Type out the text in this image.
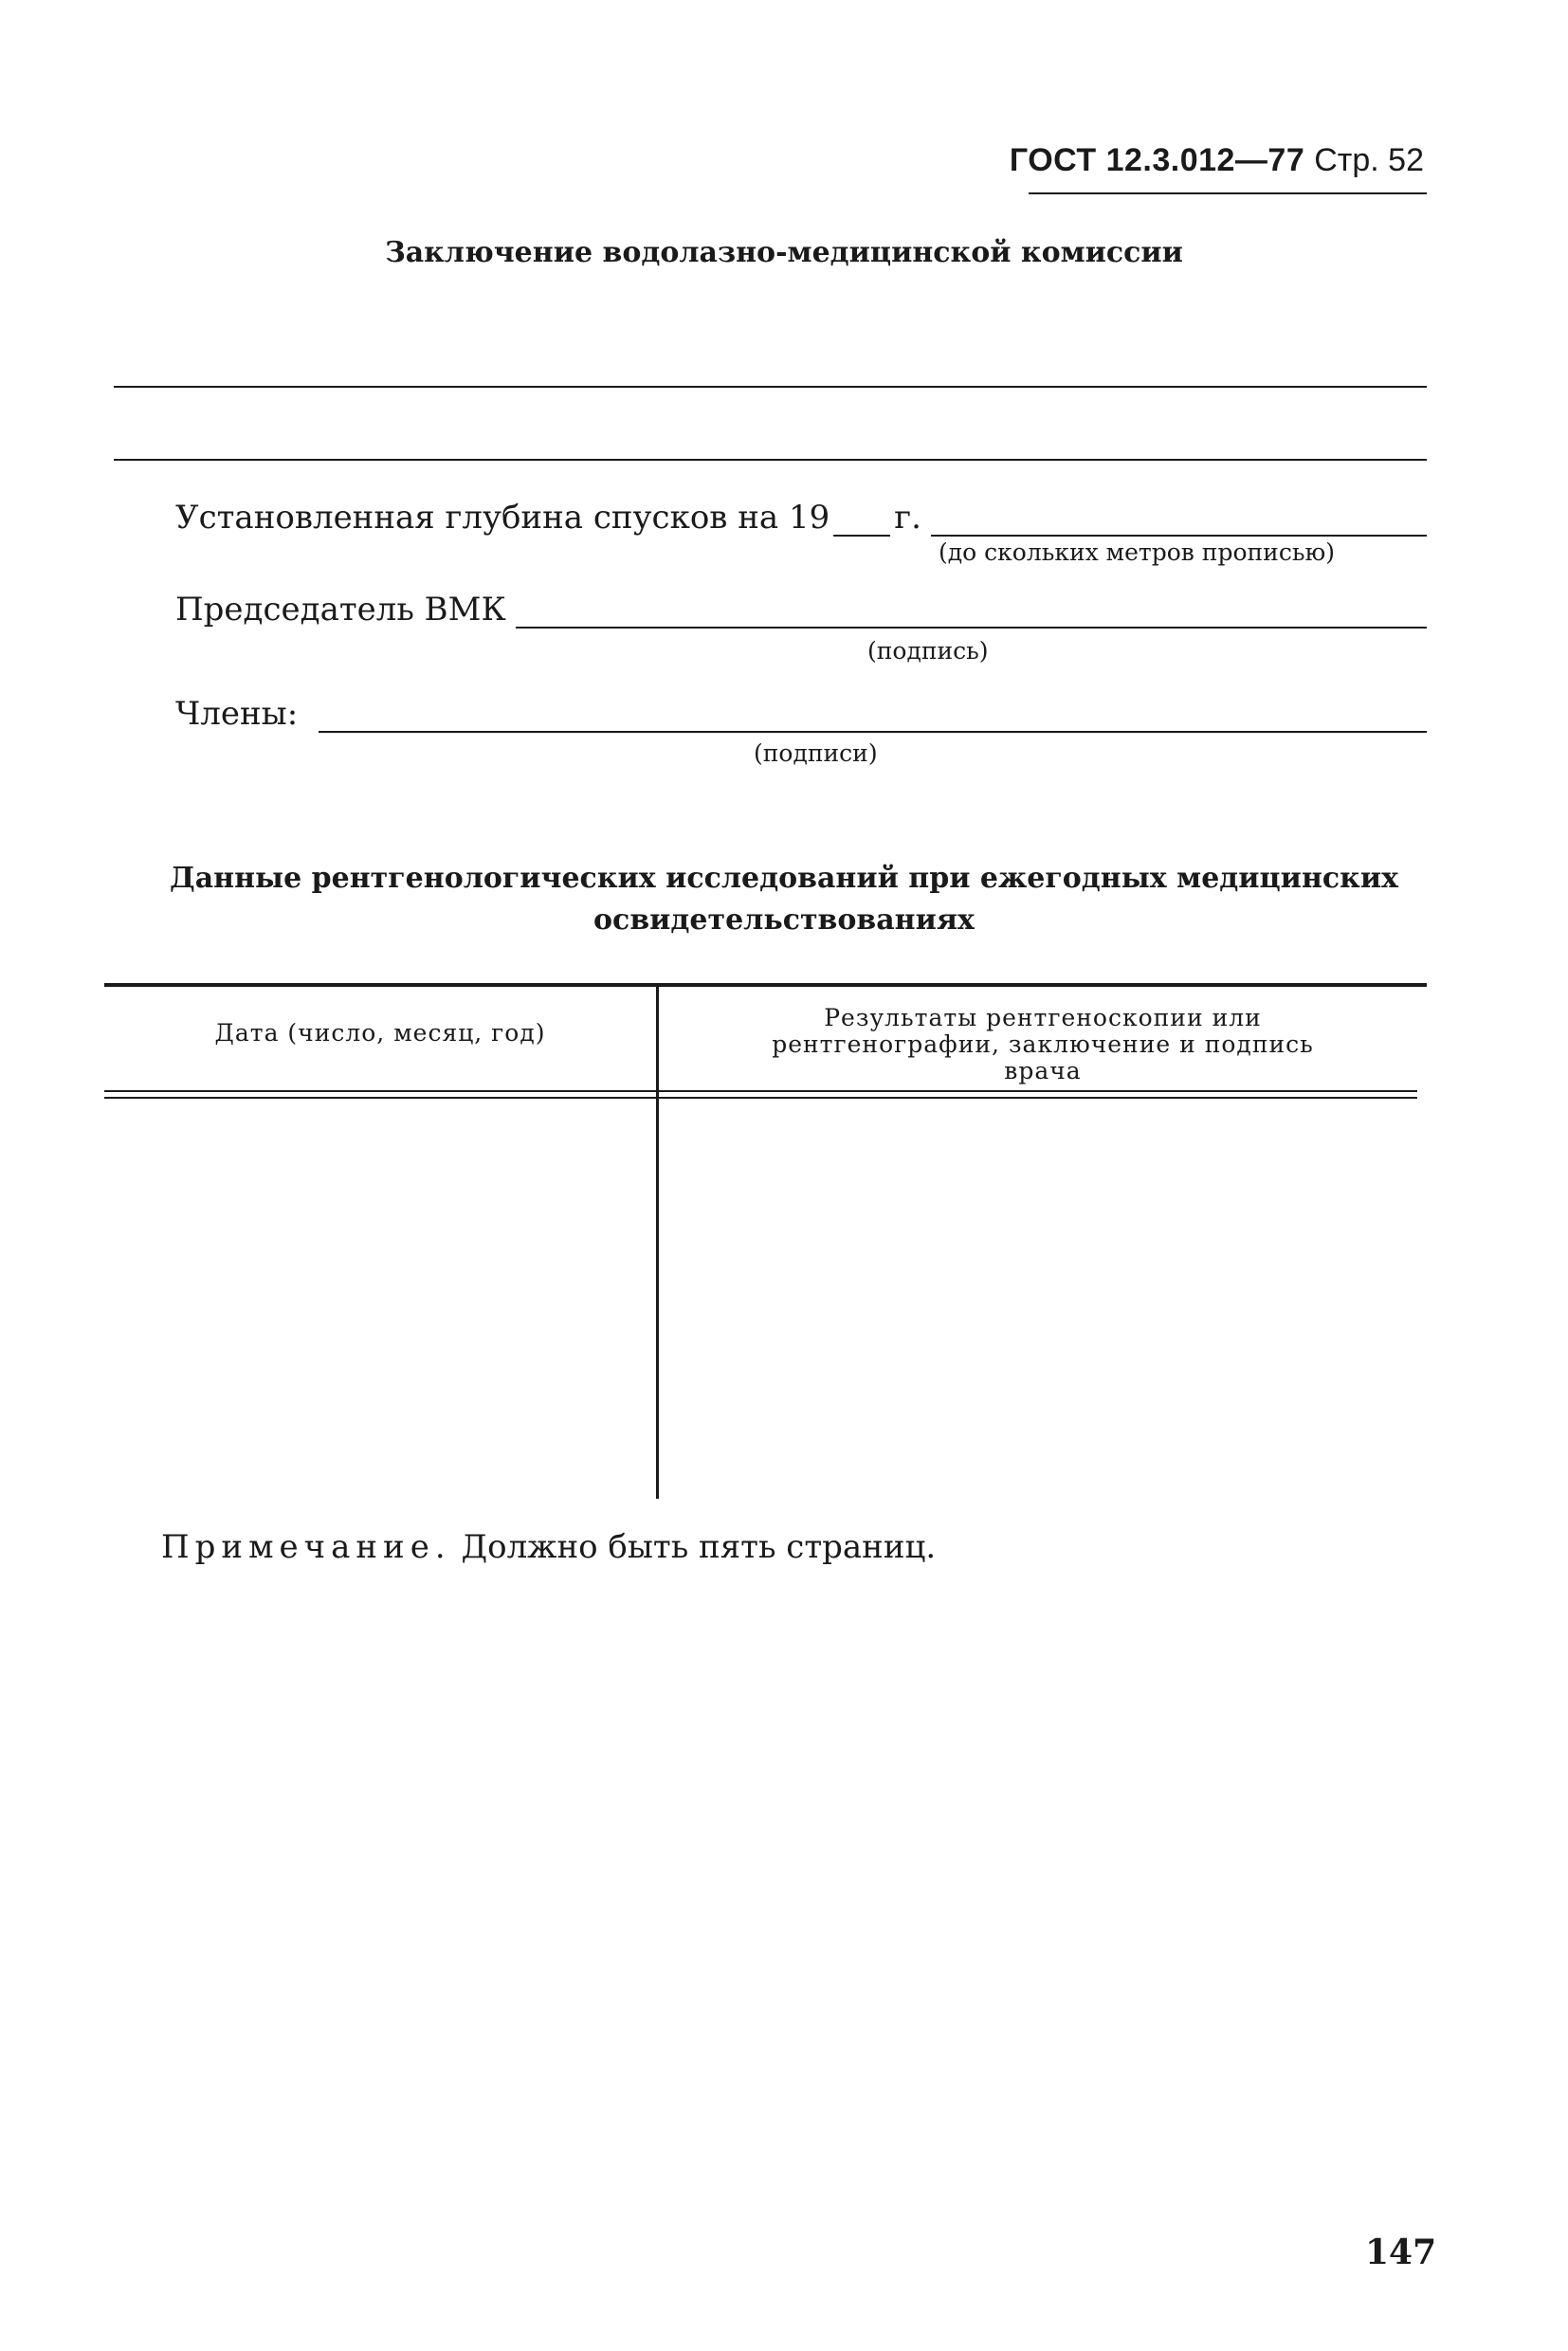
ГОСТ 12.3.012—77 Стр. 52
Заключение водолазно-медицинской комиссии
Установленная глубина спусков на 19 г.
(до скольких метров прописью)
Председатель ВМК
(подпись)
Члены:
(подписи)
Данные рентгенологических исследований при ежегодных медицинских
освидетельствованиях
Дата (число, месяц, год)
Результаты рентгеноскопии или
рентгенографии, заключение и подпись
врача
Примечание. Должно быть пять страниц.
147
